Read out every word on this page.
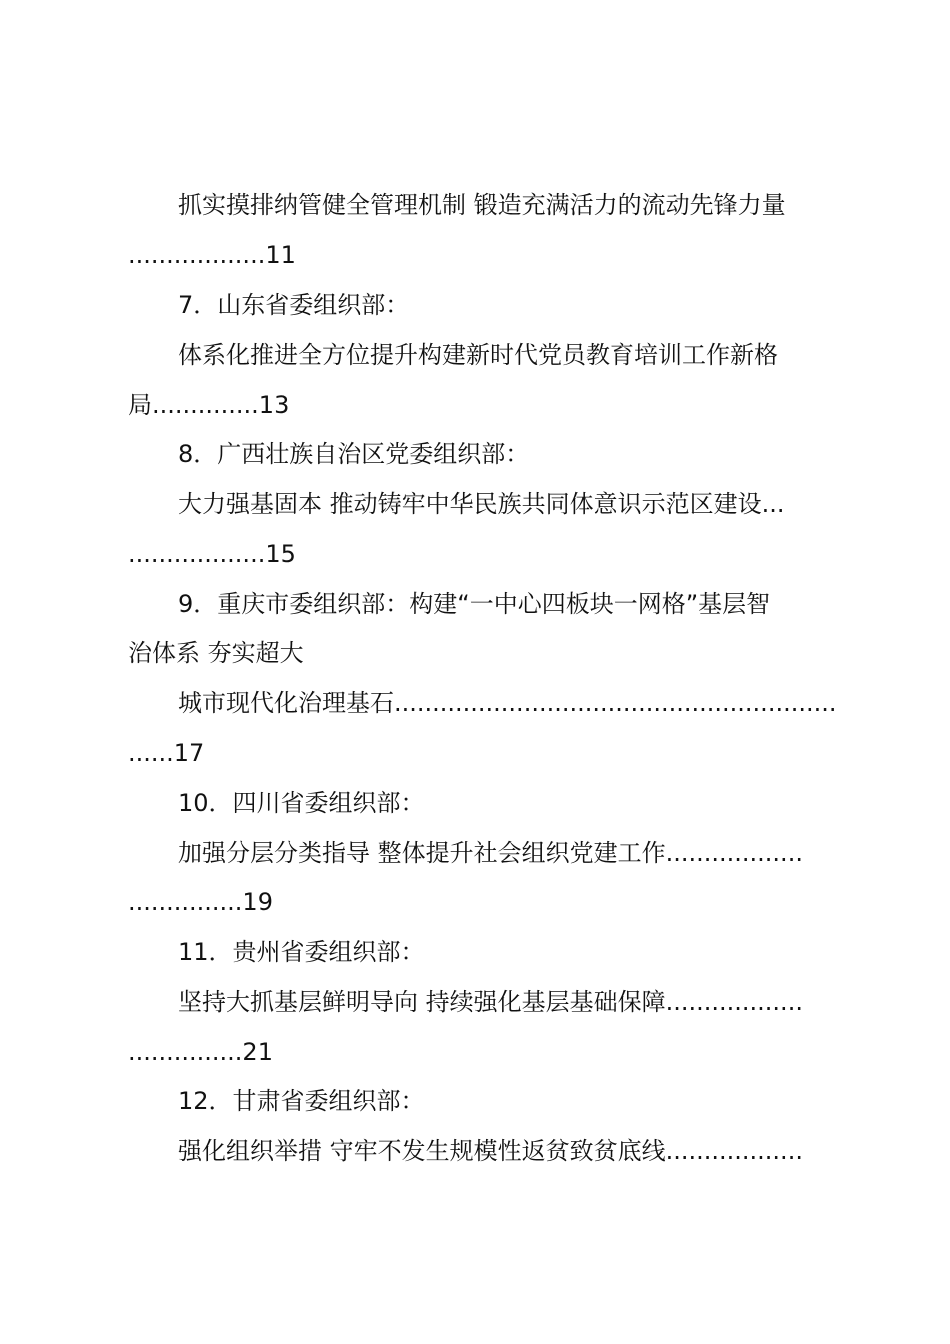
抓实摸排纳管健全管理机制 锻造充满活力的流动先锋力量
..................11
7．山东省委组织部：
体系化推进全方位提升构建新时代党员教育培训工作新格
局..............13
8．广西壮族自治区党委组织部：
大力强基固本 推动铸牢中华民族共同体意识示范区建设...
..................15
9．重庆市委组织部：构建“一中心四板块一网格”基层智
治体系 夯实超大
城市现代化治理基石..........................................................
......17
10．四川省委组织部：
加强分层分类指导 整体提升社会组织党建工作..................
...............19
11．贵州省委组织部：
坚持大抓基层鲜明导向 持续强化基层基础保障..................
...............21
12．甘肃省委组织部：
强化组织举措 守牢不发生规模性返贫致贫底线..................
